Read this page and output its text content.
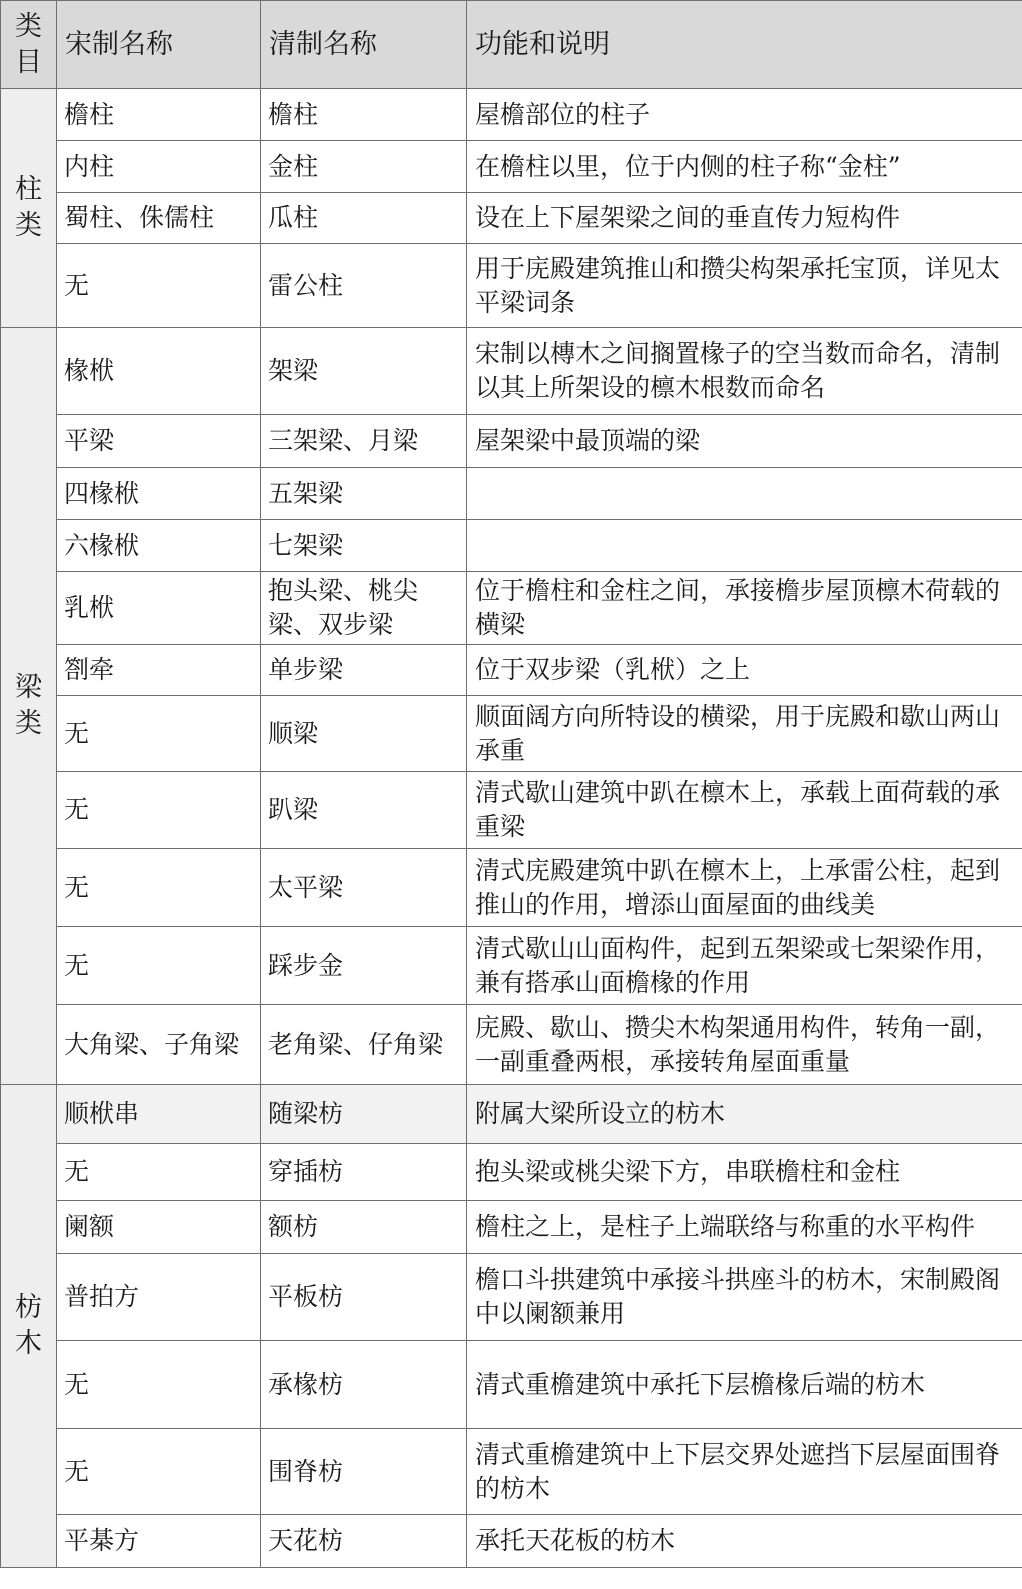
类目	宋制名称	清制名称	功能和说明

柱类	檐柱	檐柱	屋檐部位的柱子
	内柱	金柱	在檐柱以里，位于内侧的柱子称“金柱”
	蜀柱、侏儒柱	瓜柱	设在上下屋架梁之间的垂直传力短构件
	无	雷公柱	用于庑殿建筑推山和攒尖构架承托宝顶，详见太平梁词条

梁类	椽栿	架梁	宋制以槫木之间搁置椽子的空当数而命名，清制以其上所架设的檩木根数而命名
	平梁	三架梁、月梁	屋架梁中最顶端的梁
	四椽栿	五架梁	
	六椽栿	七架梁	
	乳栿	抱头梁、桃尖梁、双步梁	位于檐柱和金柱之间，承接檐步屋顶檩木荷载的横梁
	劄牵	单步梁	位于双步梁（乳栿）之上
	无	顺梁	顺面阔方向所特设的横梁，用于庑殿和歇山两山承重
	无	趴梁	清式歇山建筑中趴在檩木上，承载上面荷载的承重梁
	无	太平梁	清式庑殿建筑中趴在檩木上，上承雷公柱，起到推山的作用，增添山面屋面的曲线美
	无	踩步金	清式歇山山面构件，起到五架梁或七架梁作用，兼有搭承山面檐椽的作用
	大角梁、子角梁	老角梁、仔角梁	庑殿、歇山、攒尖木构架通用构件，转角一副，一副重叠两根，承接转角屋面重量

枋木	顺栿串	随梁枋	附属大梁所设立的枋木
	无	穿插枋	抱头梁或桃尖梁下方，串联檐柱和金柱
	阑额	额枋	檐柱之上，是柱子上端联络与称重的水平构件
	普拍方	平板枋	檐口斗拱建筑中承接斗拱座斗的枋木，宋制殿阁中以阑额兼用
	无	承椽枋	清式重檐建筑中承托下层檐椽后端的枋木
	无	围脊枋	清式重檐建筑中上下层交界处遮挡下层屋面围脊的枋木
	平棊方	天花枋	承托天花板的枋木
